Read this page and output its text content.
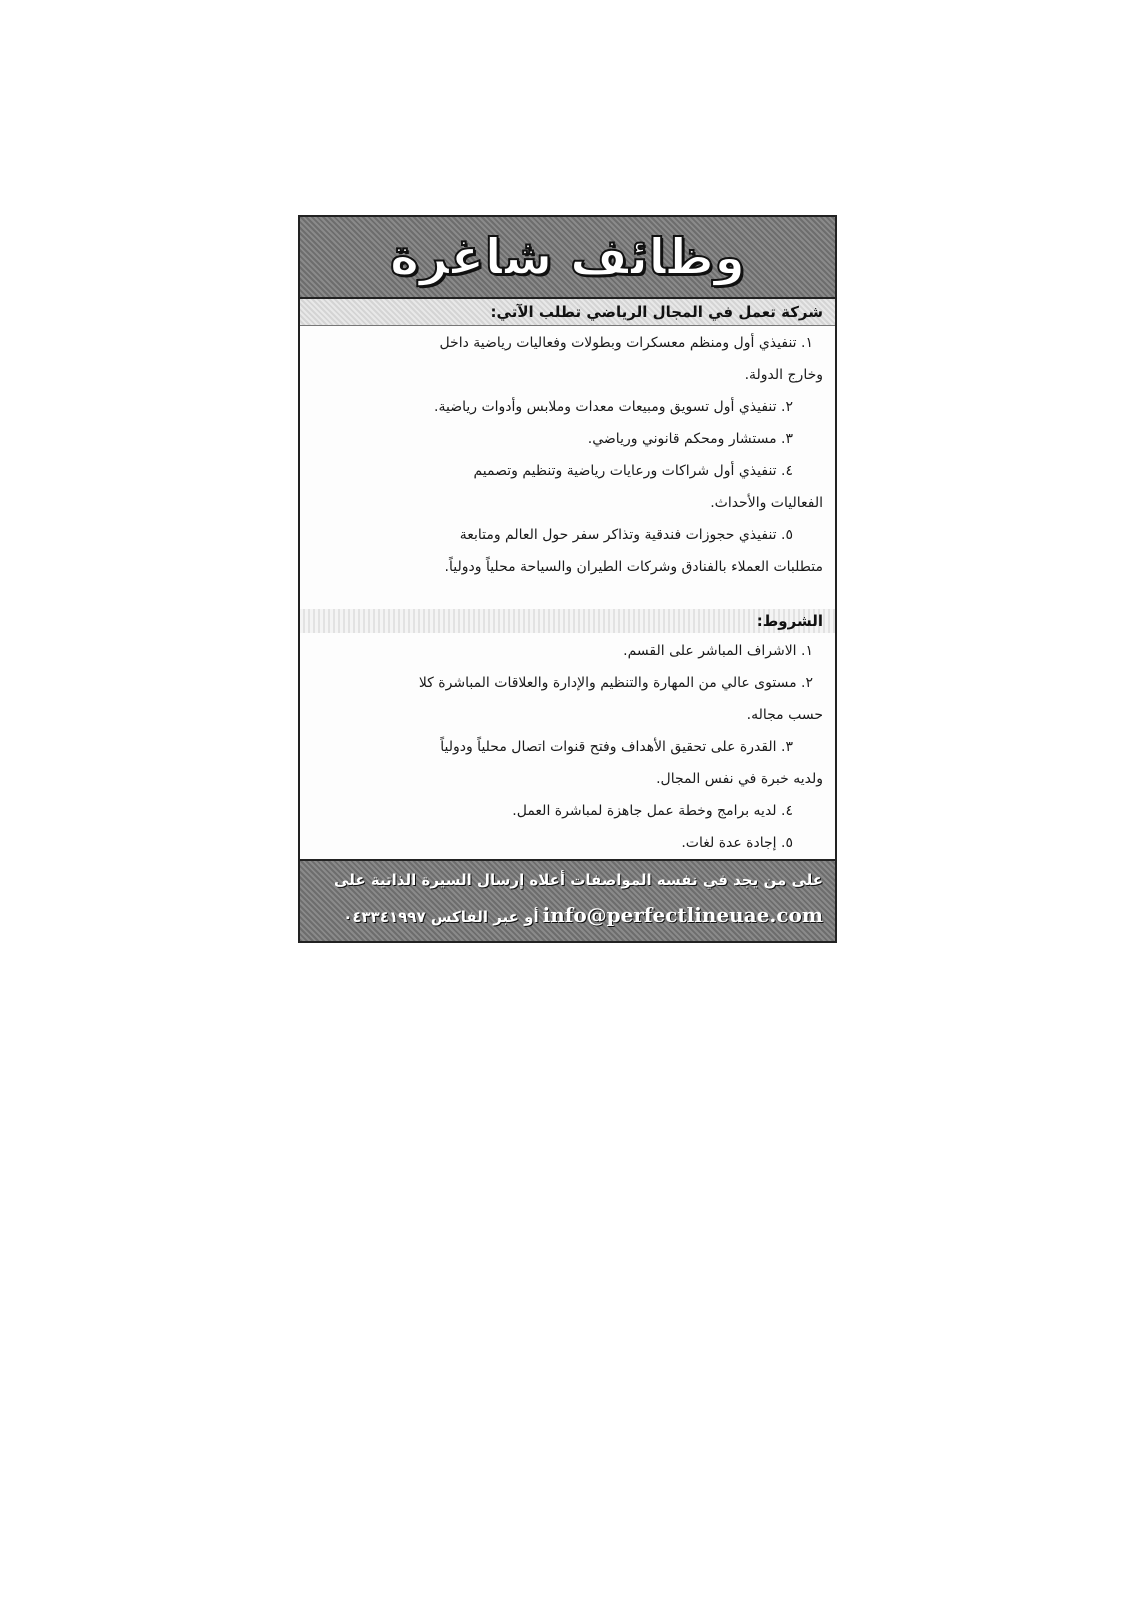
وظائف شاغرة
شركة تعمل في المجال الرياضي تطلب الآتي:

١. تنفيذي أول ومنظم معسكرات وبطولات وفعاليات رياضية داخل

وخارج الدولة.

٢. تنفيذي أول تسويق ومبيعات معدات وملابس وأدوات رياضية.

٣. مستشار ومحكم قانوني ورياضي.

٤. تنفيذي أول شراكات ورعايات رياضية وتنظيم وتصميم

الفعاليات والأحداث.

٥. تنفيذي حجوزات فندقية وتذاكر سفر حول العالم ومتابعة

متطلبات العملاء بالفنادق وشركات الطيران والسياحة محلياً ودولياً.

الشروط:

١. الاشراف المباشر على القسم.

٢. مستوى عالي من المهارة والتنظيم والإدارة والعلاقات المباشرة كلا

حسب مجاله.

٣. القدرة على تحقيق الأهداف وفتح قنوات اتصال محلياً ودولياً

ولديه خبرة في نفس المجال.

٤. لديه برامج وخطة عمل جاهزة لمباشرة العمل.

٥. إجادة عدة لغات.

على من يجد في نفسه المواصفات أعلاه إرسال السيرة الذاتية على
info@perfectlineuae.com
أو عبر الفاكس ٠٤٣٣٤١٩٩٧
